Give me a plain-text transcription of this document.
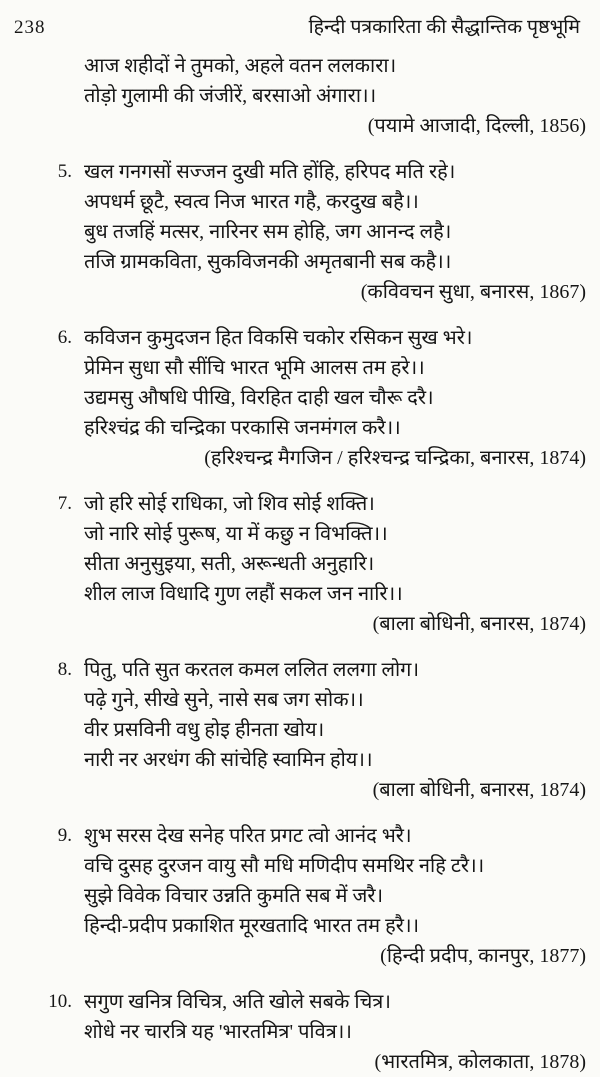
238	हिन्दी पत्रकारिता की सैद्धान्तिक पृष्ठभूमि
आज शहीदों ने तुमको, अहले वतन ललकारा।
तोड़ो गुलामी की जंजीरें, बरसाओ अंगारा।।
(पयामे आजादी, दिल्ली, 1856)
5. खल गनगसों सज्जन दुखी मति होंहि, हरिपद मति रहे।
अपधर्म छूटै, स्वत्व निज भारत गहै, करदुख बहै।।
बुध तजहिं मत्सर, नारिनर सम होहि, जग आनन्द लहै।
तजि ग्रामकविता, सुकविजनकी अमृतबानी सब कहै।।
(कविवचन सुधा, बनारस, 1867)
6. कविजन कुमुदजन हित विकसि चकोर रसिकन सुख भरे।
प्रेमिन सुधा सौ सींचि भारत भूमि आलस तम हरे।।
उद्यमसु औषधि पीखि, विरहित दाही खल चौरू दरै।
हरिश्चंद्र की चन्द्रिका परकासि जनमंगल करै।।
(हरिश्चन्द्र मैगजिन / हरिश्चन्द्र चन्द्रिका, बनारस, 1874)
7. जो हरि सोई राधिका, जो शिव सोई शक्ति।
जो नारि सोई पुरूष, या में कछु न विभक्ति।।
सीता अनुसुइया, सती, अरून्धती अनुहारि।
शील लाज विधादि गुण लहौं सकल जन नारि।।
(बाला बोधिनी, बनारस, 1874)
8. पितु, पति सुत करतल कमल ललित ललगा लोग।
पढ़े गुने, सीखे सुने, नासे सब जग सोक।।
वीर प्रसविनी वधु होइ हीनता खोय।
नारी नर अरधंग की सांचेहि स्वामिन होय।।
(बाला बोधिनी, बनारस, 1874)
9. शुभ सरस देख सनेह परित प्रगट त्वो आनंद भरै।
वचि दुसह दुरजन वायु सौ मधि मणिदीप समथिर नहि टरै।।
सुझे विवेक विचार उन्नति कुमति सब में जरै।
हिन्दी-प्रदीप प्रकाशित मूरखतादि भारत तम हरै।।
(हिन्दी प्रदीप, कानपुर, 1877)
10. सगुण खनित्र विचित्र, अति खोले सबके चित्र।
शोधे नर चारत्रि यह 'भारतमित्र' पवित्र।।
(भारतमित्र, कोलकाता, 1878)
